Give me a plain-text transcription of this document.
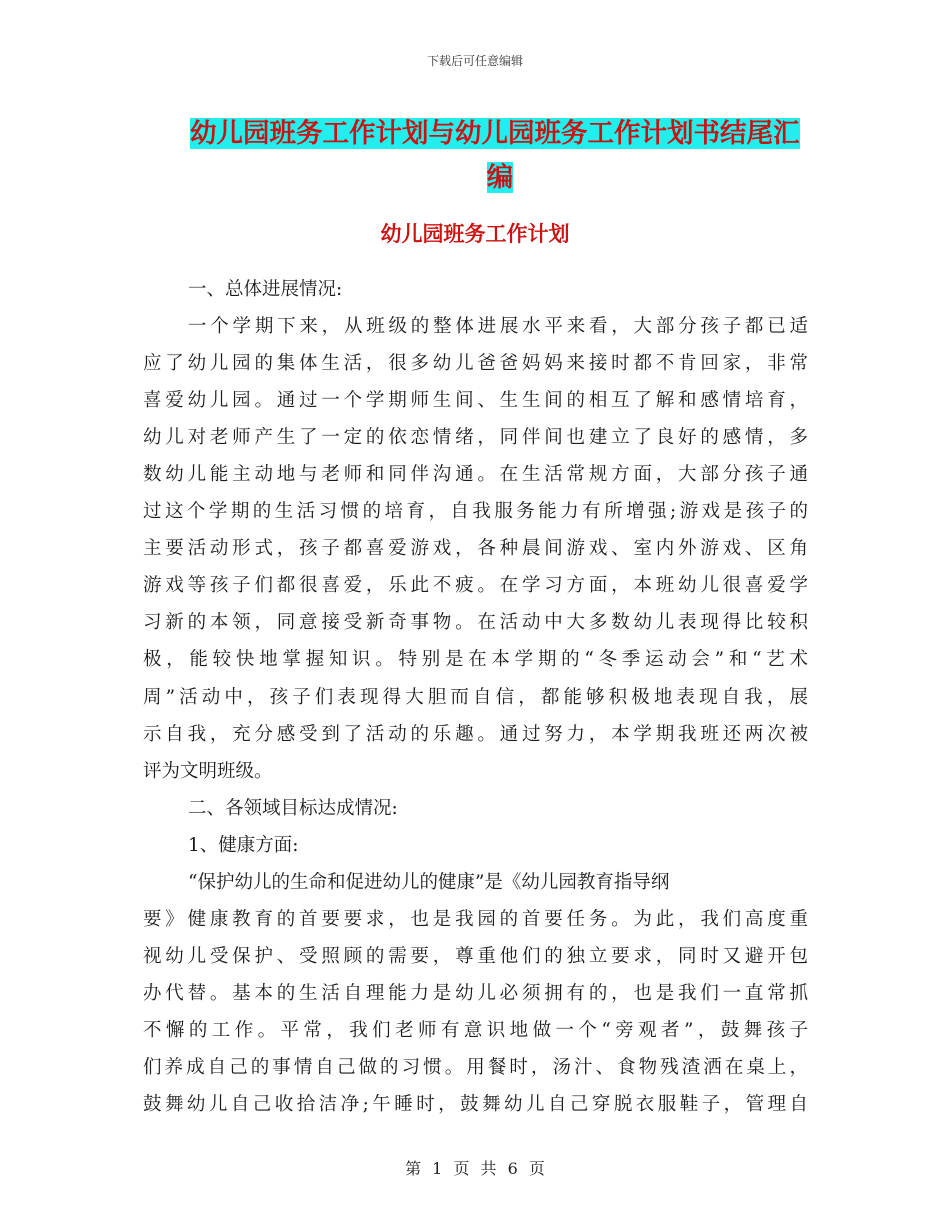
下载后可任意编辑
幼儿园班务工作计划与幼儿园班务工作计划书结尾汇
编
幼儿园班务工作计划
一、总体进展情况:
一个学期下来，从班级的整体进展水平来看，大部分孩子都已适
应了幼儿园的集体生活，很多幼儿爸爸妈妈来接时都不肯回家，非常
喜爱幼儿园。通过一个学期师生间、生生间的相互了解和感情培育，
幼儿对老师产生了一定的依恋情绪，同伴间也建立了良好的感情，多
数幼儿能主动地与老师和同伴沟通。在生活常规方面，大部分孩子通
过这个学期的生活习惯的培育，自我服务能力有所增强;游戏是孩子的
主要活动形式，孩子都喜爱游戏，各种晨间游戏、室内外游戏、区角
游戏等孩子们都很喜爱，乐此不疲。在学习方面，本班幼儿很喜爱学
习新的本领，同意接受新奇事物。在活动中大多数幼儿表现得比较积
极，能较快地掌握知识。特别是在本学期的“冬季运动会”和“艺术
周”活动中，孩子们表现得大胆而自信，都能够积极地表现自我，展
示自我，充分感受到了活动的乐趣。通过努力，本学期我班还两次被
评为文明班级。
二、各领域目标达成情况:
1、健康方面:
“保护幼儿的生命和促进幼儿的健康”是《幼儿园教育指导纲
要》健康教育的首要要求，也是我园的首要任务。为此，我们高度重
视幼儿受保护、受照顾的需要，尊重他们的独立要求，同时又避开包
办代替。基本的生活自理能力是幼儿必须拥有的，也是我们一直常抓
不懈的工作。平常，我们老师有意识地做一个“旁观者”，鼓舞孩子
们养成自己的事情自己做的习惯。用餐时，汤汁、食物残渣洒在桌上，
鼓舞幼儿自己收拾洁净;午睡时，鼓舞幼儿自己穿脱衣服鞋子，管理自
第 1 页 共 6 页
